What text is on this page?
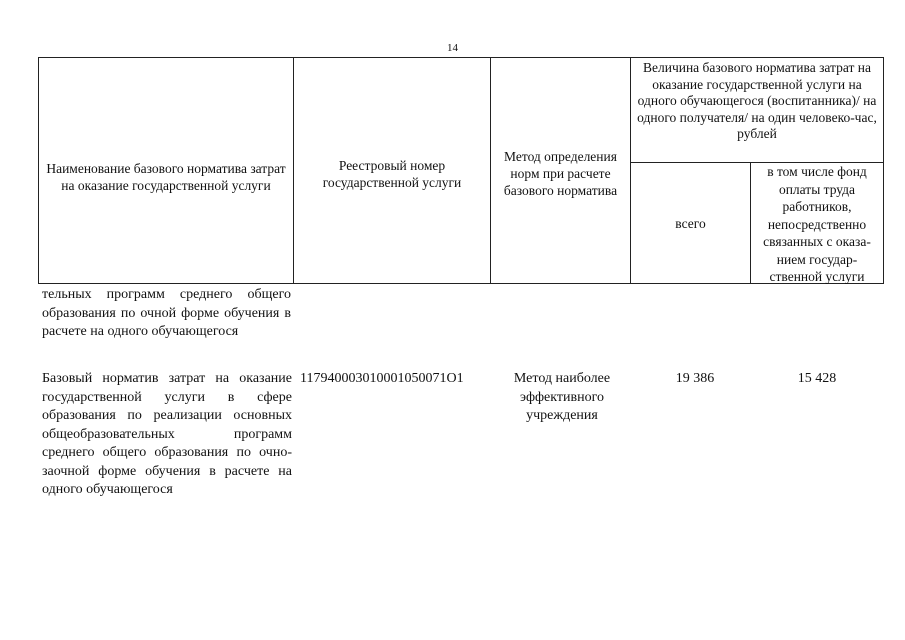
14
Наименование базового норматива затрат на оказание государственной услуги
Реестровый номер государственной услуги
Метод определения норм при расчете базового норматива
Величина базового норматива затрат на оказание государственной услуги на одного обучающегося (воспитанника)/ на одного получателя/ на один человеко-час, рублей
всего
в том числе фонд оплаты труда работников, непосредственно связанных с оказа-нием государ-ственной услуги
тельных программ среднего общего образования по очной форме обучения в расчете на одного обучающегося
Базовый норматив затрат на оказание государственной услуги в сфере образования по реализации основных общеобразовательных программ среднего общего образования по очно-заочной форме обучения в расчете на одного обучающегося
117940003010001050071О1	Метод наиболее эффективного учреждения
19 386	15 428
